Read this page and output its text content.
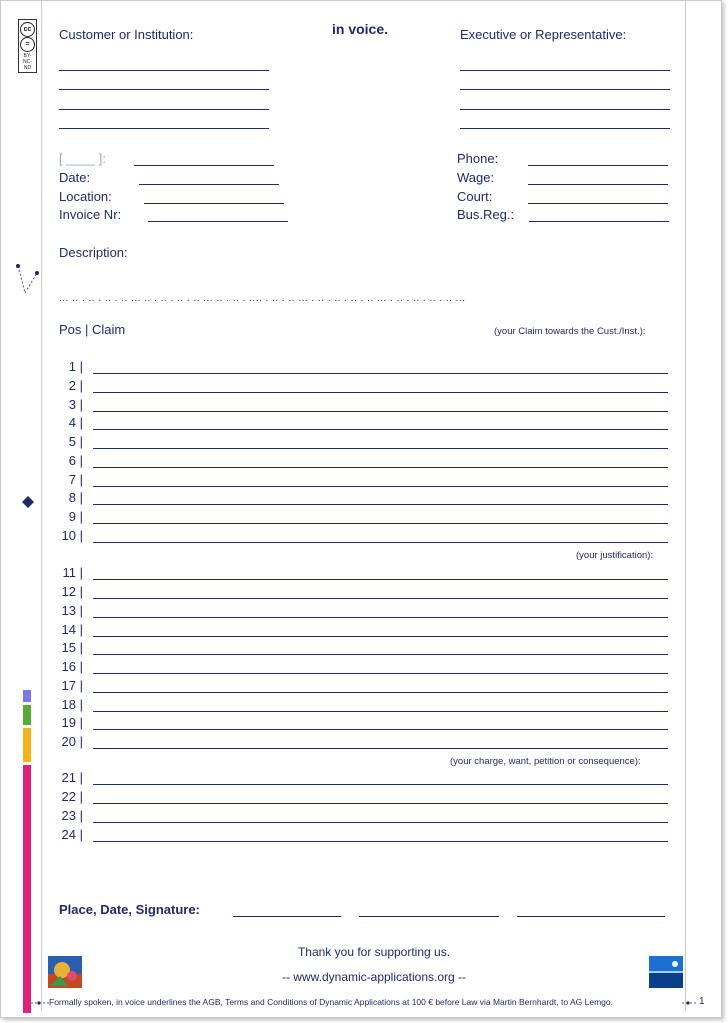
cc
=
BY-NC-ND
Customer or Institution:	in voice.	Executive or Representative:
[ ____ ]:
Date:
Location:
Invoice Nr:
Phone:
Wage:
Court:
Bus.Reg.:
Description:
... .. . .. . .. . .. ... .. . .. . .. . .. ... .. . .. . .... . .. . .. ... . .. . .. . .. . .. ... . .. . .. . .. . .. ...
Pos | Claim	(your Claim towards the Cust./Inst.):
1 |
2 |
3 |
4 |
5 |
6 |
7 |
8 |
9 |
10 |
(your justification):
11 |
12 |
13 |
14 |
15 |
16 |
17 |
18 |
19 |
20 |
(your charge, want, petition or consequence):
21 |
22 |
23 |
24 |
Place, Date, Signature:
Thank you for supporting us.
-- www.dynamic-applications.org --
Formally spoken, in voice underlines the AGB, Terms and Conditions of Dynamic Applications at 100 € before Law via Martin Bernhardt, to AG Lemgo.	1
